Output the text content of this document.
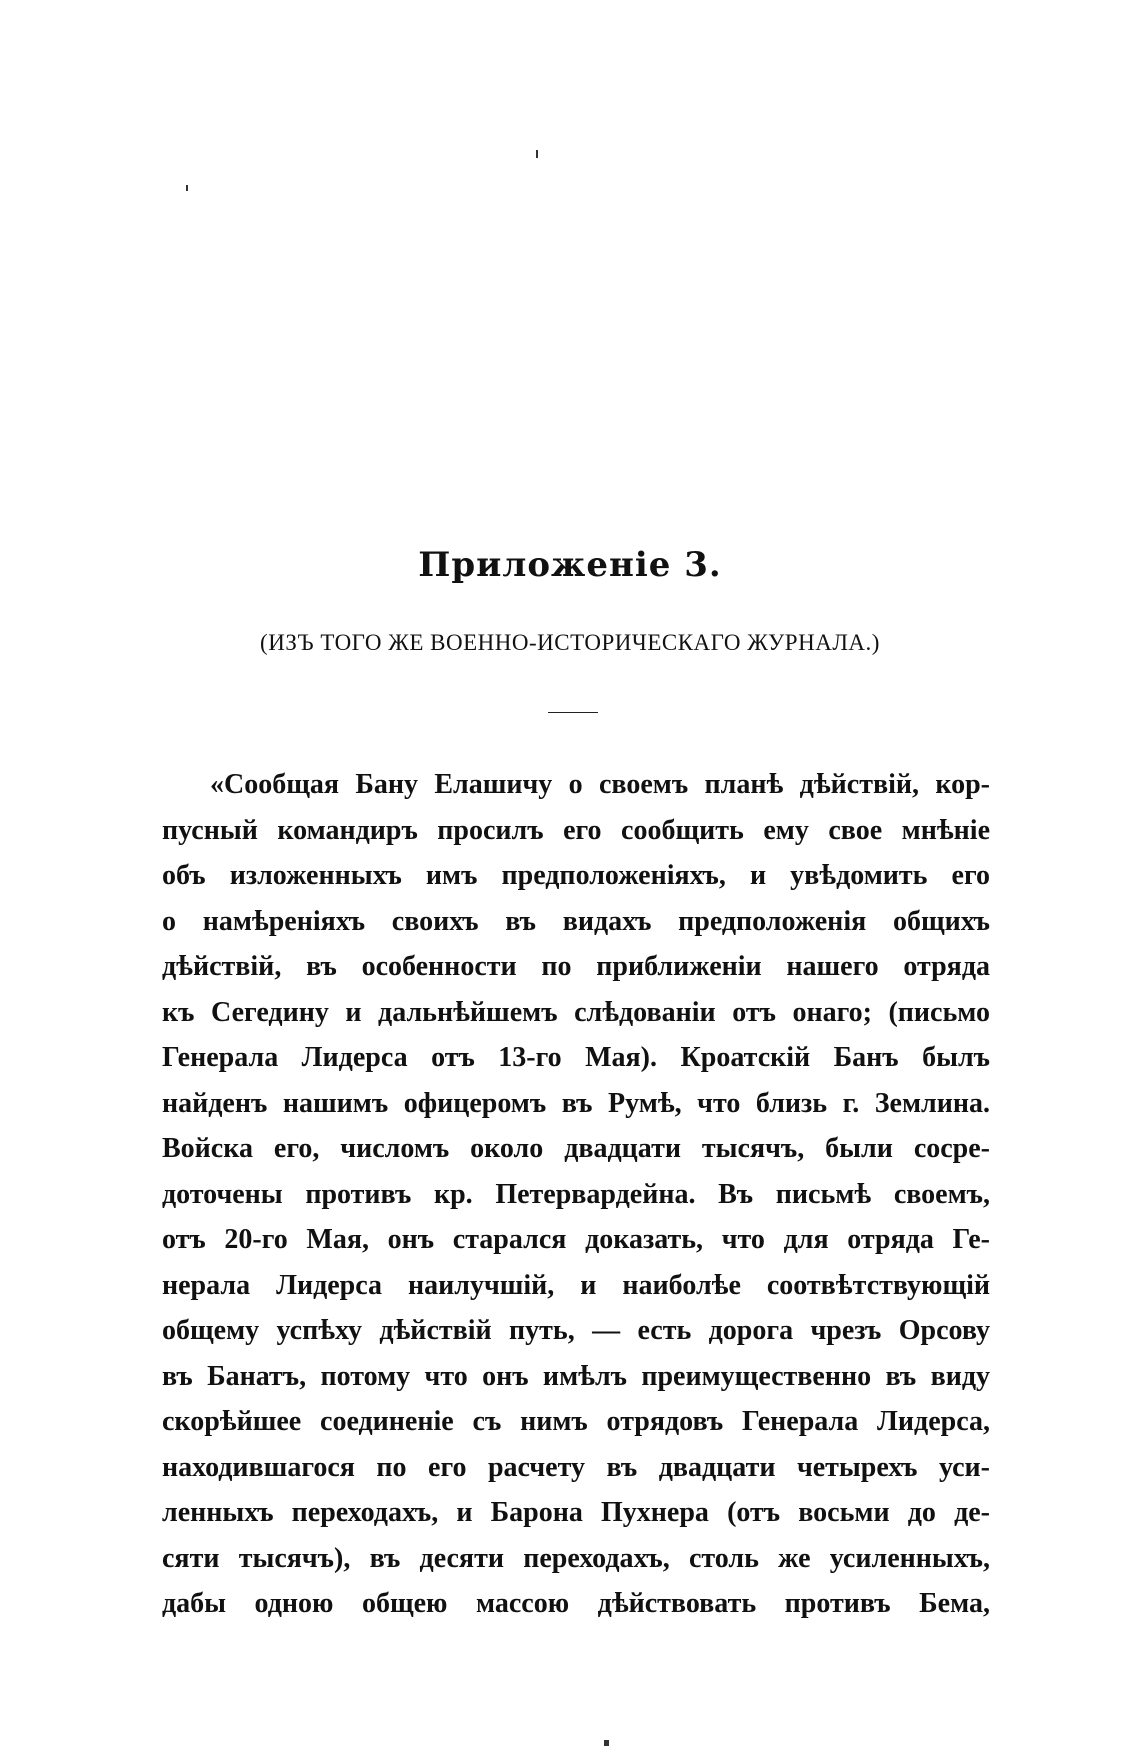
Приложеніе 3.

(ИЗЪ ТОГО ЖЕ ВОЕННО-ИСТОРИЧЕСКАГО ЖУРНАЛА.)

«Сообщая Бану Елашичу о своемъ планѣ дѣйствій, кор-
пусный командиръ просилъ его сообщить ему свое мнѣніе
объ изложенныхъ имъ предположеніяхъ, и увѣдомить его
о намѣреніяхъ своихъ въ видахъ предположенія общихъ
дѣйствій, въ особенности по приближеніи нашего отряда
къ Сегедину и дальнѣйшемъ слѣдованіи отъ онаго; (письмо
Генерала Лидерса отъ 13-го Мая). Кроатскій Банъ былъ
найденъ нашимъ офицеромъ въ Румѣ, что близь г. Землина.
Войска его, числомъ около двадцати тысячъ, были сосре-
доточены противъ кр. Петервардейна. Въ письмѣ своемъ,
отъ 20-го Мая, онъ старался доказать, что для отряда Ге-
нерала Лидерса наилучшій, и наиболѣе соотвѣтствующій
общему успѣху дѣйствій путь, — есть дорога чрезъ Орсову
въ Банатъ, потому что онъ имѣлъ преимущественно въ виду
скорѣйшее соединеніе съ нимъ отрядовъ Генерала Лидерса,
находившагося по его расчету въ двадцати четырехъ уси-
ленныхъ переходахъ, и Барона Пухнера (отъ восьми до де-
сяти тысячъ), въ десяти переходахъ, столь же усиленныхъ,
дабы одною общею массою дѣйствовать противъ Бема,
